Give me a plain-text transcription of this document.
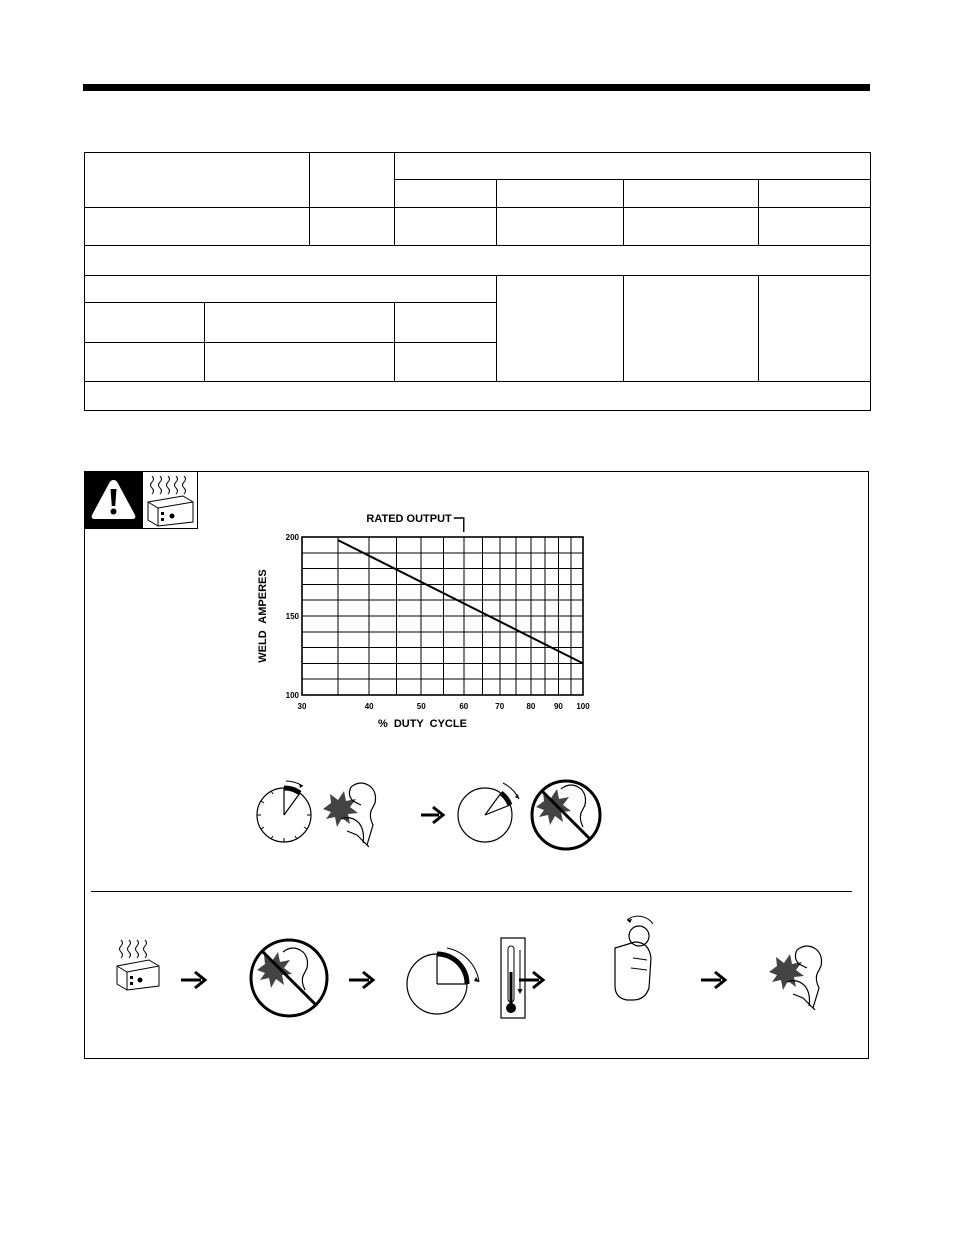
30	40	50	60	70	80 90 100
100
150
200
% DUTY CYCLE
WELD AMPERES
RATED OUTPUT
